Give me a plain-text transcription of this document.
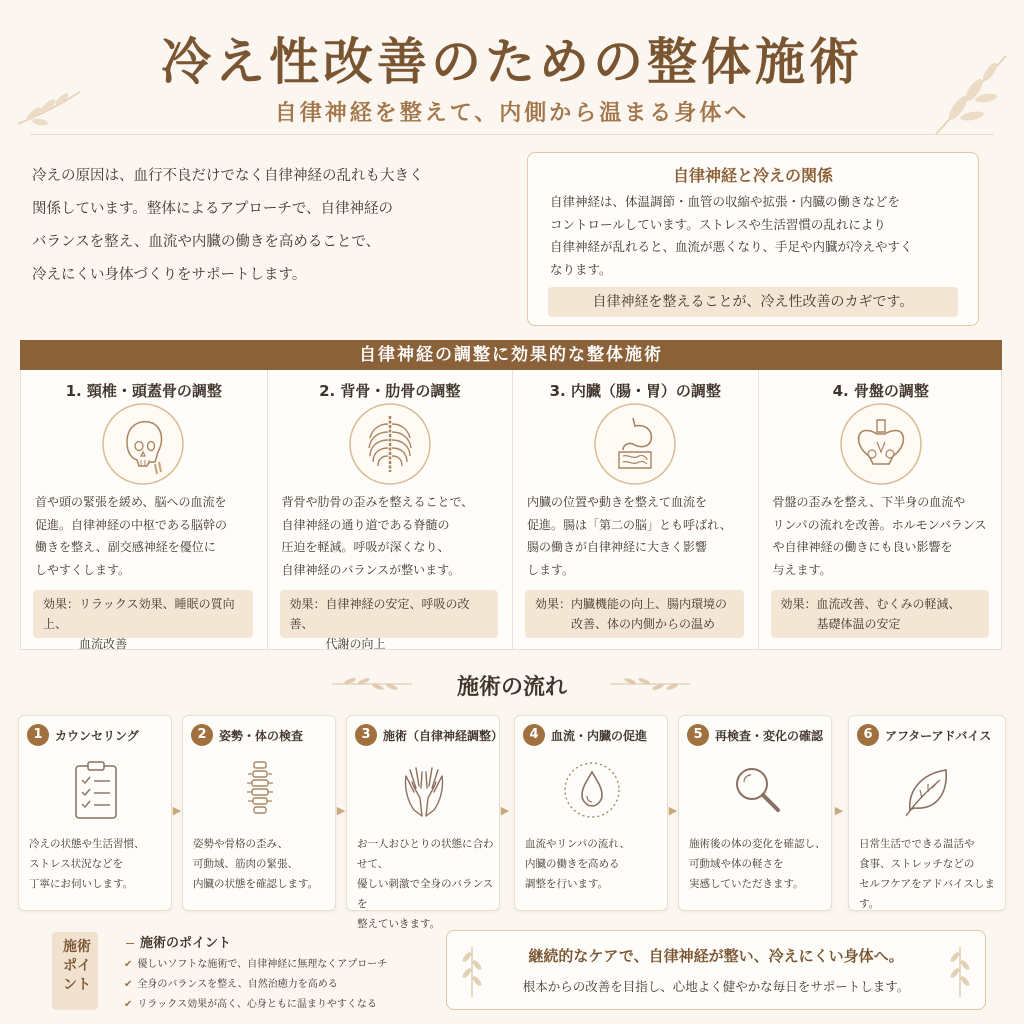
冷え性改善のための整体施術
自律神経を整えて、内側から温まる身体へ
冷えの原因は、血行不良だけでなく自律神経の乱れも大きく
関係しています。整体によるアプローチで、自律神経の
バランスを整え、血流や内臓の働きを高めることで、
冷えにくい身体づくりをサポートします。
自律神経と冷えの関係
自律神経は、体温調節・血管の収縮や拡張・内臓の働きなどを
コントロールしています。ストレスや生活習慣の乱れにより
自律神経が乱れると、血流が悪くなり、手足や内臓が冷えやすく
なります。
自律神経を整えることが、冷え性改善のカギです。
自律神経の調整に効果的な整体施術
1. 頸椎・頭蓋骨の調整
首や頭の緊張を緩め、脳への血流を
促進。自律神経の中枢である脳幹の
働きを整え、副交感神経を優位に
しやすくします。
効果：リラックス効果、睡眠の質向上、
血流改善
2. 背骨・肋骨の調整
背骨や肋骨の歪みを整えることで、
自律神経の通り道である脊髄の
圧迫を軽減。呼吸が深くなり、
自律神経のバランスが整います。
効果：自律神経の安定、呼吸の改善、
代謝の向上
3. 内臓（腸・胃）の調整
内臓の位置や動きを整えて血流を
促進。腸は「第二の脳」とも呼ばれ、
腸の働きが自律神経に大きく影響
します。
効果：内臓機能の向上、腸内環境の
改善、体の内側からの温め
4. 骨盤の調整
骨盤の歪みを整え、下半身の血流や
リンパの流れを改善。ホルモンバランス
や自律神経の働きにも良い影響を
与えます。
効果：血流改善、むくみの軽減、
基礎体温の安定
施術の流れ
1	カウンセリング
冷えの状態や生活習慣、
ストレス状況などを
丁寧にお伺いします。
▶
2	姿勢・体の検査
姿勢や骨格の歪み、
可動域、筋肉の緊張、
内臓の状態を確認します。
▶
3	施術（自律神経調整）
お一人おひとりの状態に合わせて、
優しい刺激で全身のバランスを
整えていきます。
▶
4	血流・内臓の促進
血流やリンパの流れ、
内臓の働きを高める
調整を行います。
▶
5	再検査・変化の確認
施術後の体の変化を確認し、
可動域や体の軽さを
実感していただきます。
▶
6	アフターアドバイス
日常生活でできる温活や
食事、ストレッチなどの
セルフケアをアドバイスします。
施術
ポイ
ント
施術のポイント
✔ 優しいソフトな施術で、自律神経に無理なくアプローチ
✔ 全身のバランスを整え、自然治癒力を高める
✔ リラックス効果が高く、心身ともに温まりやすくなる
継続的なケアで、自律神経が整い、冷えにくい身体へ。
根本からの改善を目指し、心地よく健やかな毎日をサポートします。
